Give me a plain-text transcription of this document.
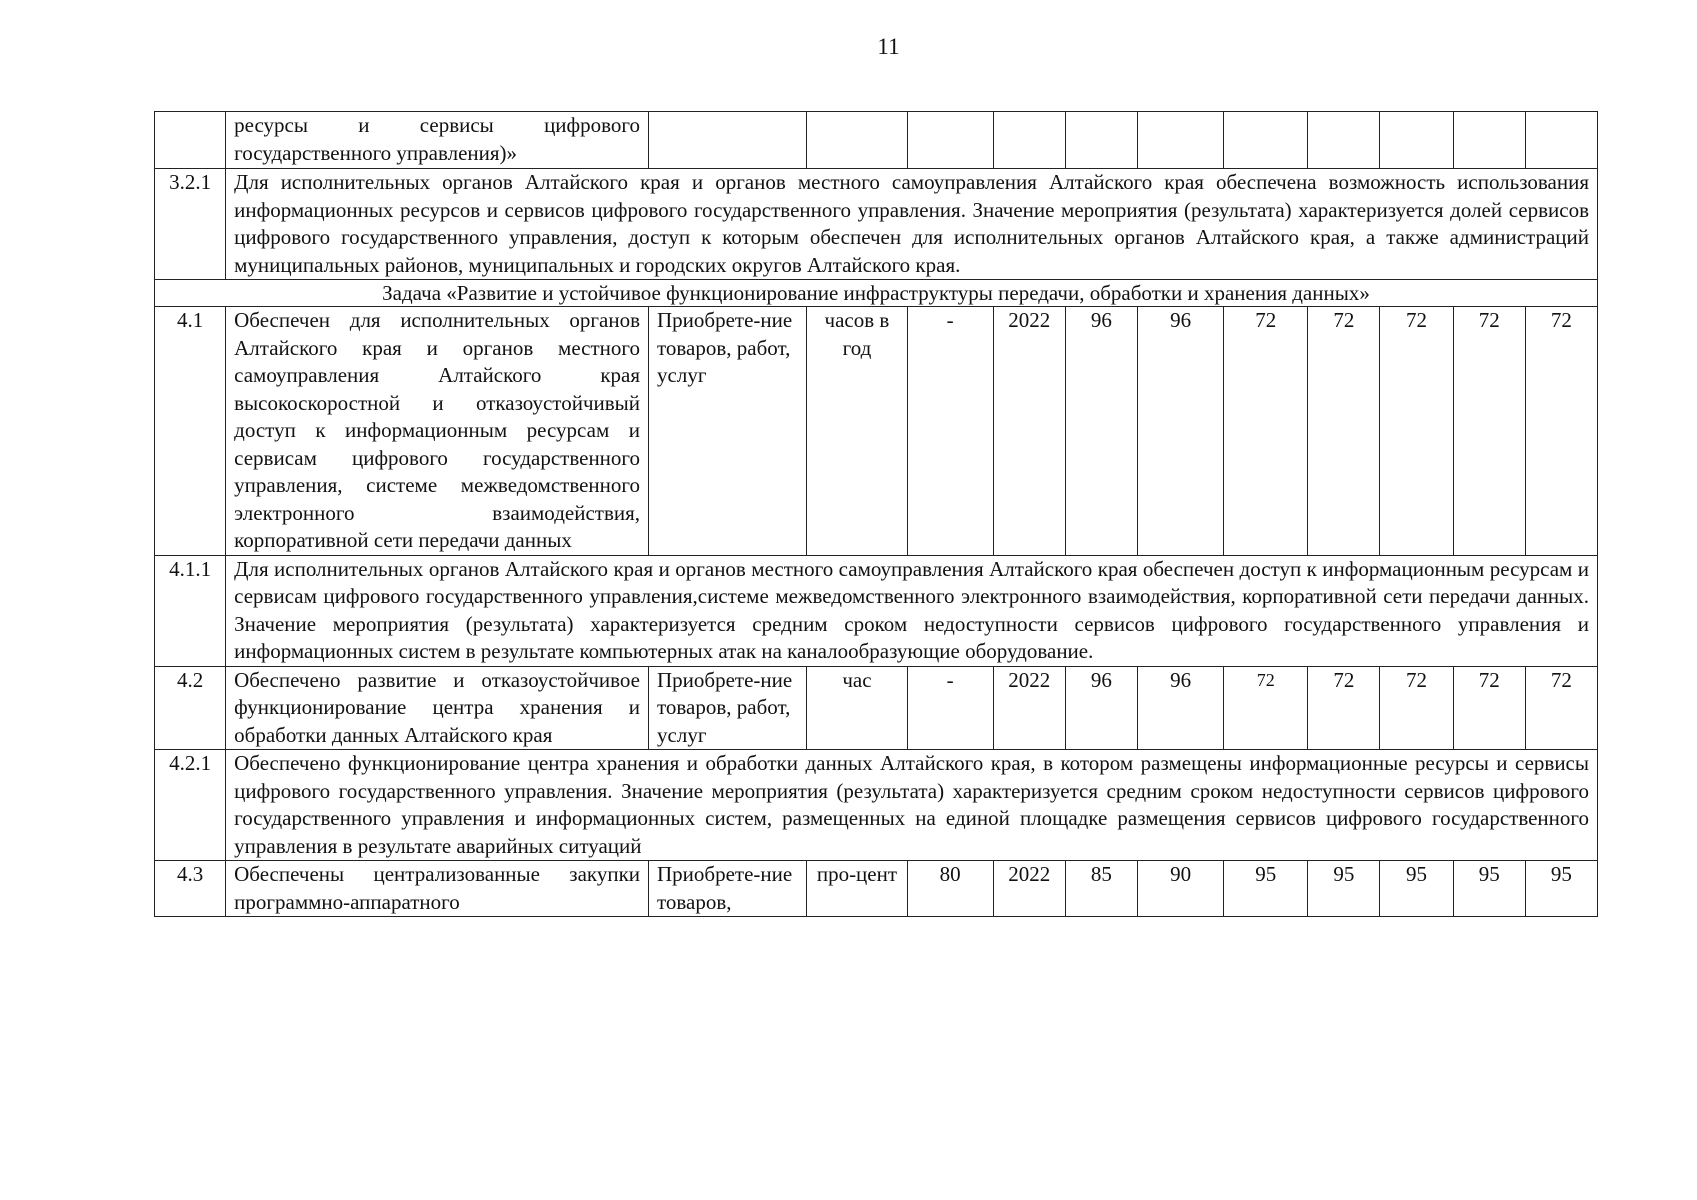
11
	ресурсы и сервисы цифрового государственного управления)»											
3.2.1	Для исполнительных органов Алтайского края и органов местного самоуправления Алтайского края обеспечена возможность использования информационных ресурсов и сервисов цифрового государственного управления. Значение мероприятия (результата) характеризуется долей сервисов цифрового государственного управления, доступ к которым обеспечен для исполнительных органов Алтайского края, а также администраций муниципальных районов, муниципальных и городских округов Алтайского края.											
Задача «Развитие и устойчивое функционирование инфраструктуры передачи, обработки и хранения данных»												
4.1	Обеспечен для исполнительных органов Алтайского края и органов местного самоуправления Алтайского края высокоскоростной и отказоустойчивый доступ к информационным ресурсам и сервисам цифрового государственного управления, системе межведомственного электронного взаимодействия, корпоративной сети передачи данных	Приобрете-ние товаров, работ, услуг	часов в год	-	2022	96	96	72	72	72	72	72
4.1.1	Для исполнительных органов Алтайского края и органов местного самоуправления Алтайского края обеспечен доступ к информационным ресурсам и сервисам цифрового государственного управления,системе межведомственного электронного взаимодействия, корпоративной сети передачи данных. Значение мероприятия (результата) характеризуется средним сроком недоступности сервисов цифрового государственного управления и информационных систем в результате компьютерных атак на каналообразующие оборудование.											
4.2	Обеспечено развитие и отказоустойчивое функционирование центра хранения и обработки данных Алтайского края	Приобрете-ние товаров, работ, услуг	час	-	2022	96	96	72	72	72	72	72
4.2.1	Обеспечено функционирование центра хранения и обработки данных Алтайского края, в котором размещены информационные ресурсы и сервисы цифрового государственного управления. Значение мероприятия (результата) характеризуется средним сроком недоступности сервисов цифрового государственного управления и информационных систем, размещенных на единой площадке размещения сервисов цифрового государственного управления в результате аварийных ситуаций											
4.3	Обеспечены централизованные закупки программно-аппаратного	Приобрете-ние товаров,	про-цент	80	2022	85	90	95	95	95	95	95
